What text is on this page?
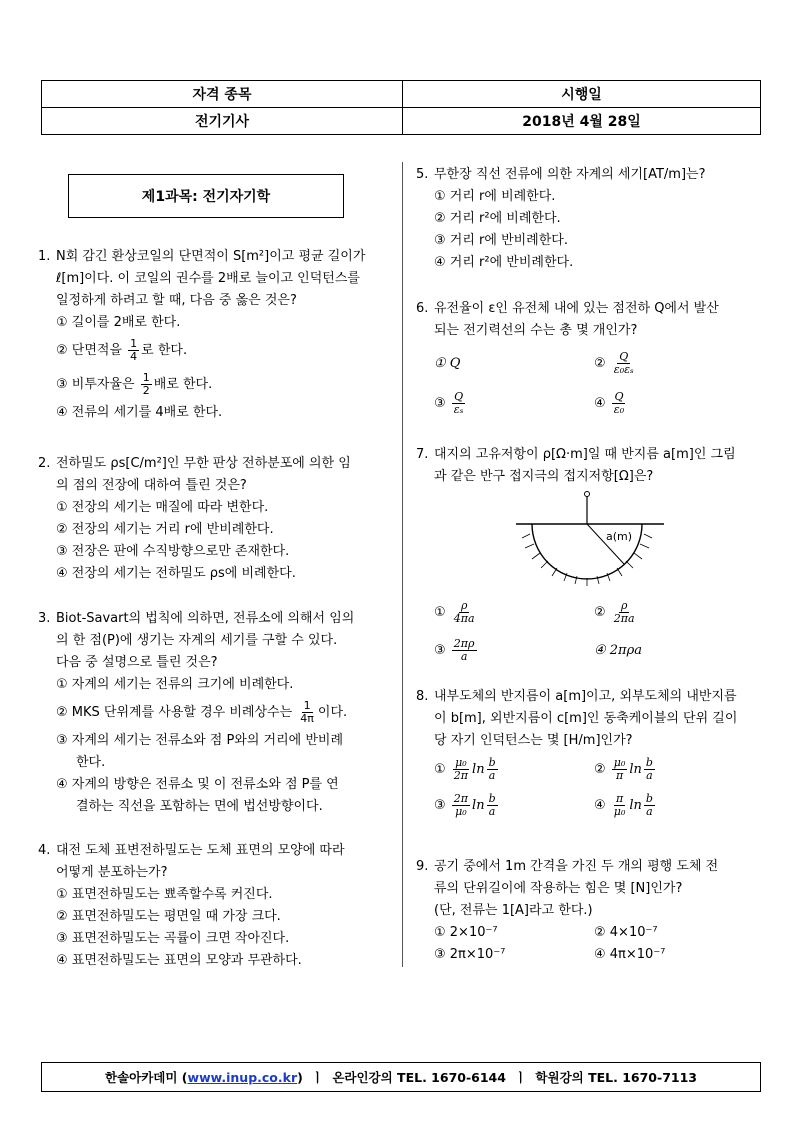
자격 종목	시행일
전기기사	2018년 4월 28일
제1과목: 전기자기학
1. N회 감긴 환상코일의 단면적이 S[m²]이고 평균 길이가
ℓ[m]이다. 이 코일의 권수를 2배로 늘이고 인덕턴스를
일정하게 하려고 할 때, 다음 중 옳은 것은?
① 길이를 2배로 한다.
② 단면적을 $\frac{1}{4}$ 로 한다.
③ 비투자율은 $\frac{1}{2}$ 배로 한다.
④ 전류의 세기를 4배로 한다.
2. 전하밀도 ρs[C/m²]인 무한 판상 전하분포에 의한 임
의 점의 전장에 대하여 틀린 것은?
① 전장의 세기는 매질에 따라 변한다.
② 전장의 세기는 거리 r에 반비례한다.
③ 전장은 판에 수직방향으로만 존재한다.
④ 전장의 세기는 전하밀도 ρs에 비례한다.
3. Biot-Savart의 법칙에 의하면, 전류소에 의해서 임의
의 한 점(P)에 생기는 자계의 세기를 구할 수 있다.
다음 중 설명으로 틀린 것은?
① 자계의 세기는 전류의 크기에 비례한다.
② MKS 단위계를 사용할 경우 비례상수는 $\frac{1}{4\pi}$ 이다.
③ 자계의 세기는 전류소와 점 P와의 거리에 반비례
한다.
④ 자계의 방향은 전류소 및 이 전류소와 점 P를 연
결하는 직선을 포함하는 면에 법선방향이다.
4. 대전 도체 표변전하밀도는 도체 표면의 모양에 따라
어떻게 분포하는가?
① 표면전하밀도는 뾰족할수록 커진다.
② 표면전하밀도는 평면일 때 가장 크다.
③ 표면전하밀도는 곡률이 크면 작아진다.
④ 표면전하밀도는 표면의 모양과 무관하다.
5. 무한장 직선 전류에 의한 자계의 세기[AT/m]는?
① 거리 r에 비례한다.
② 거리 r²에 비례한다.
③ 거리 r에 반비례한다.
④ 거리 r²에 반비례한다.
6. 유전율이 ε인 유전체 내에 있는 점전하 Q에서 발산
되는 전기력선의 수는 총 몇 개인가?
① Q	② $\frac{Q}{\text{ε₀εₛ}}$
③ $\frac{Q}{\text{εₛ}}$	④ $\frac{Q}{\text{ε₀}}$
7. 대지의 고유저항이 ρ[Ω·m]일 때 반지름 a[m]인 그림
과 같은 반구 접지극의 접지저항[Ω]은?
a(m)
① $\frac{\rho}{4\pi a}$	② $\frac{\rho}{2\pi a}$
③ $\frac{2\pi\rho}{a}$	④ 2πρa
8. 내부도체의 반지름이 a[m]이고, 외부도체의 내반지름
이 b[m], 외반지름이 c[m]인 동축케이블의 단위 길이
당 자기 인덕턴스는 몇 [H/m]인가?
① $\frac{\text{μ₀}}{2\pi}$ $\ln \frac{b}{a}$	② $\frac{\text{μ₀}}{\pi}$ $\ln \frac{b}{a}$
③ $\frac{2\pi}{\text{μ₀}}$ $\ln \frac{b}{a}$	④ $\frac{\pi}{\text{μ₀}}$ $\ln \frac{b}{a}$
9. 공기 중에서 1m 간격을 가진 두 개의 평행 도체 전
류의 단위길이에 작용하는 힘은 몇 [N]인가?
(단, 전류는 1[A]라고 한다.)
① 2×10⁻⁷	② 4×10⁻⁷
③ 2π×10⁻⁷	④ 4π×10⁻⁷
한솔아카데미 ( www.inup.co.kr )  ㅣ  온라인강의 TEL. 1670-6144  ㅣ  학원강의 TEL. 1670-7113
